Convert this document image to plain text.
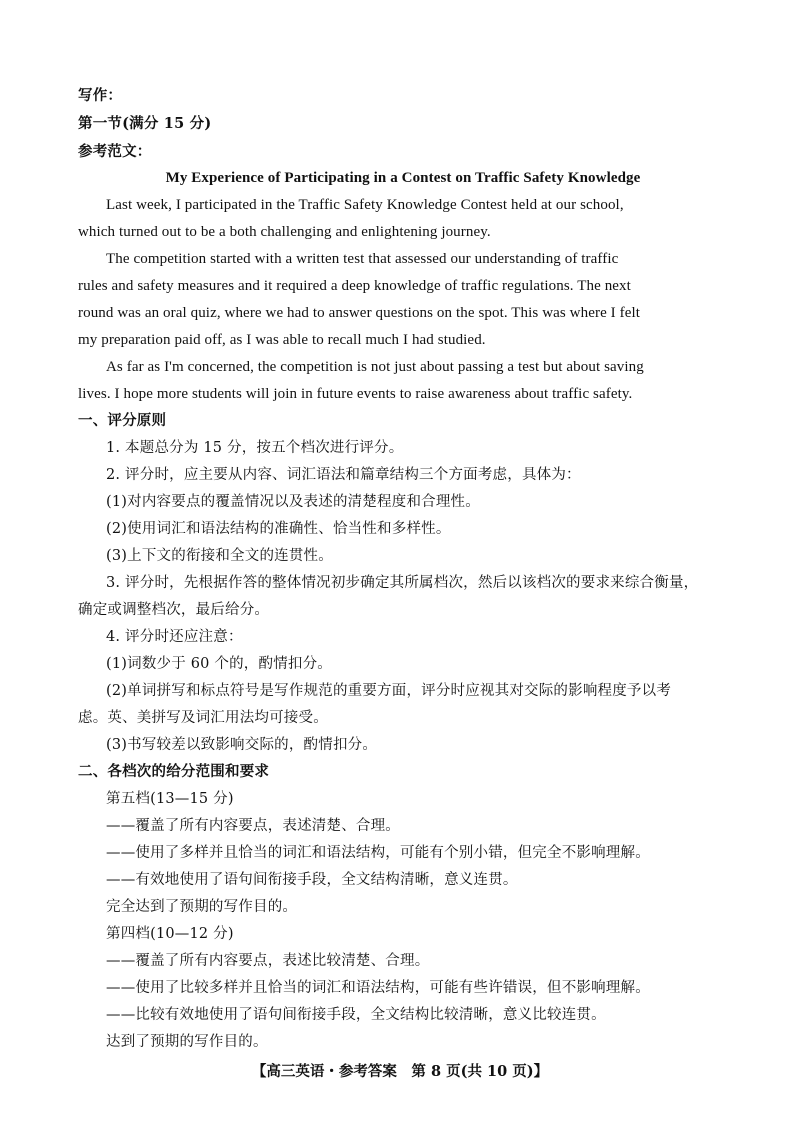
写作：
第一节(满分 15 分)
参考范文：
My Experience of Participating in a Contest on Traffic Safety Knowledge
Last week, I participated in the Traffic Safety Knowledge Contest held at our school,
which turned out to be a both challenging and enlightening journey.
The competition started with a written test that assessed our understanding of traffic
rules and safety measures and it required a deep knowledge of traffic regulations. The next
round was an oral quiz, where we had to answer questions on the spot. This was where I felt
my preparation paid off, as I was able to recall much I had studied.
As far as I'm concerned, the competition is not just about passing a test but about saving
lives. I hope more students will join in future events to raise awareness about traffic safety.
一、评分原则
1. 本题总分为 15 分，按五个档次进行评分。
2. 评分时，应主要从内容、词汇语法和篇章结构三个方面考虑，具体为：
(1)对内容要点的覆盖情况以及表述的清楚程度和合理性。
(2)使用词汇和语法结构的准确性、恰当性和多样性。
(3)上下文的衔接和全文的连贯性。
3. 评分时，先根据作答的整体情况初步确定其所属档次，然后以该档次的要求来综合衡量，
确定或调整档次，最后给分。
4. 评分时还应注意：
(1)词数少于 60 个的，酌情扣分。
(2)单词拼写和标点符号是写作规范的重要方面，评分时应视其对交际的影响程度予以考
虑。英、美拼写及词汇用法均可接受。
(3)书写较差以致影响交际的，酌情扣分。
二、各档次的给分范围和要求
第五档(13—15 分)
——覆盖了所有内容要点，表述清楚、合理。
——使用了多样并且恰当的词汇和语法结构，可能有个别小错，但完全不影响理解。
——有效地使用了语句间衔接手段，全文结构清晰，意义连贯。
完全达到了预期的写作目的。
第四档(10—12 分)
——覆盖了所有内容要点，表述比较清楚、合理。
——使用了比较多样并且恰当的词汇和语法结构，可能有些许错误，但不影响理解。
——比较有效地使用了语句间衔接手段，全文结构比较清晰，意义比较连贯。
达到了预期的写作目的。
【高三英语・参考答案　第 8 页(共 10 页)】
